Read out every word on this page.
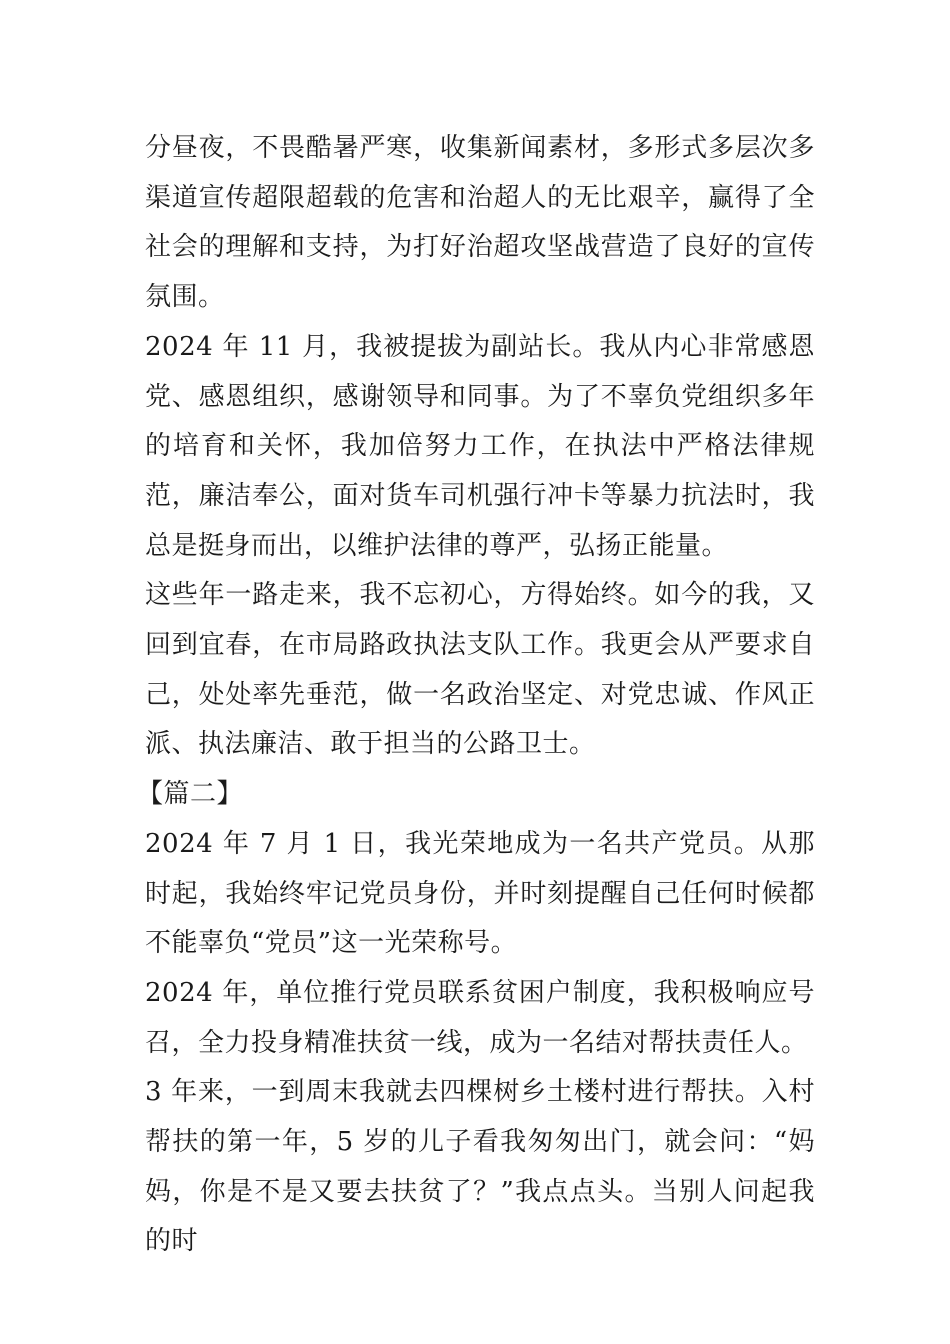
分昼夜，不畏酷暑严寒，收集新闻素材，多形式多层次多渠道宣传超限超载的危害和治超人的无比艰辛，赢得了全社会的理解和支持，为打好治超攻坚战营造了良好的宣传氛围。

2024 年 11 月，我被提拔为副站长。我从内心非常感恩党、感恩组织，感谢领导和同事。为了不辜负党组织多年的培育和关怀，我加倍努力工作，在执法中严格法律规范，廉洁奉公，面对货车司机强行冲卡等暴力抗法时，我总是挺身而出，以维护法律的尊严，弘扬正能量。

这些年一路走来，我不忘初心，方得始终。如今的我，又回到宜春，在市局路政执法支队工作。我更会从严要求自己，处处率先垂范，做一名政治坚定、对党忠诚、作风正派、执法廉洁、敢于担当的公路卫士。

【篇二】

2024 年 7 月 1 日，我光荣地成为一名共产党员。从那时起，我始终牢记党员身份，并时刻提醒自己任何时候都不能辜负“党员”这一光荣称号。

2024 年，单位推行党员联系贫困户制度，我积极响应号召，全力投身精准扶贫一线，成为一名结对帮扶责任人。

3 年来，一到周末我就去四棵树乡土楼村进行帮扶。入村帮扶的第一年，5 岁的儿子看我匆匆出门，就会问：“妈妈，你是不是又要去扶贫了？”我点点头。当别人问起我的时
